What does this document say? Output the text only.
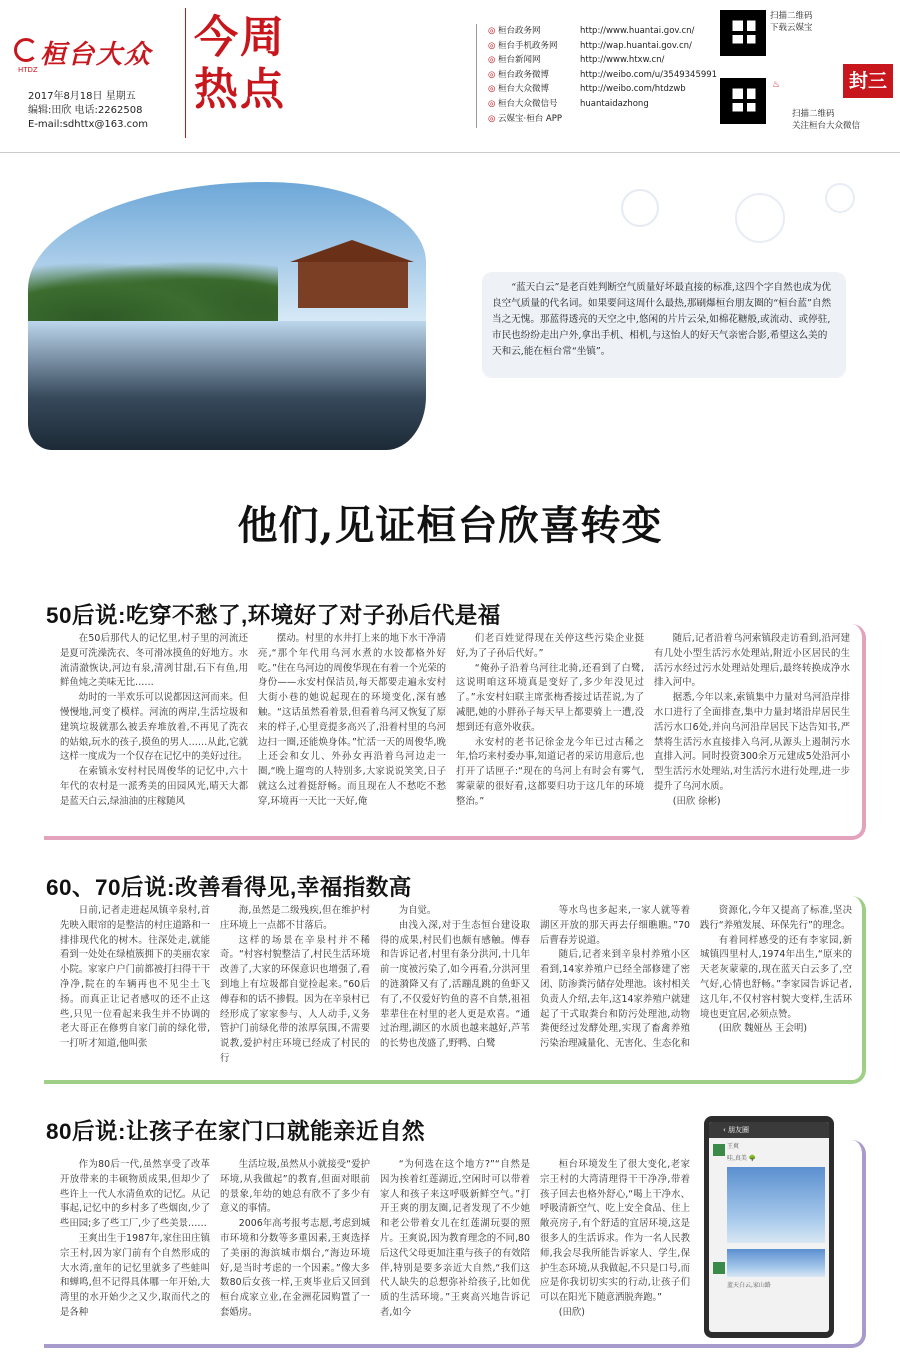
桓台大众
HTDZ
2017年8月18日 星期五
编辑:田欣 电话:2262508
E-mail:sdhttx@163.com
今周
热点
◎ 桓台政务网	http://www.huantai.gov.cn/
◎ 桓台手机政务网	http://wap.huantai.gov.cn/
◎ 桓台新闻网	http://www.htxw.cn/
◎ 桓台政务微博	http://weibo.com/u/3549345991
◎ 桓台大众微博	http://weibo.com/htdzwb
◎ 桓台大众微信号	huantaidazhong
◎ 云媒宝·桓台 APP
扫描二维码
下载云媒宝
扫描二维码
关注桓台大众微信
♨	封三
“蓝天白云”是老百姓判断空气质量好坏最直接的标准,这四个字自然也成为优良空气质量的代名词。如果要问这周什么最热,那刷爆桓台朋友圈的“桓台蓝”自然当之无愧。那蓝得透亮的天空之中,悠闲的片片云朵,如棉花糖般,或流动、或停驻,市民也纷纷走出户外,拿出手机、相机,与这怡人的好天气亲密合影,希望这么美的天和云,能在桓台常“坐镇”。
他们,见证桓台欣喜转变
50后说:吃穿不愁了,环境好了对子孙后代是福

在50后那代人的记忆里,村子里的河流还是夏可洗澡洗衣、冬可滑冰摸鱼的好地方。水流清澈恢诀,河边有泉,清冽甘甜,石下有鱼,用鲜鱼炖之美味无比……

幼时的一半欢乐可以说都因这河而来。但慢慢地,河变了模样。河流的两岸,生活垃圾和建筑垃圾就那么被丢弃堆放着,不再见了洗衣的姑娘,玩水的孩子,摸鱼的男人……从此,它就这样一度成为一个仅存在记忆中的美好过往。

在索镇永安村村民周俊华的记忆中,六十年代的农村是一派秀美的田园风光,晴天大都是蓝天白云,绿油油的庄稼随风

摆动。村里的水井打上来的地下水干净清亮,“那个年代用乌河水煮的水饺都格外好吃。”住在乌河边的周俊华现在有着一个光荣的身份——永安村保洁员,每天都要走遍永安村大街小巷的她说起现在的环境变化,深有感触。“这话虽然看着景,但看着乌河又恢复了原来的样子,心里竟提多高兴了,沿着村里的乌河边扫一圈,还能焕身体。”忙活一天的周俊华,晚上还会和女儿、外孙女再沿着乌河边走一圈,“晚上遛弯的人特别多,大家说说笑笑,日子就这么过着挺舒畅。而且现在人不愁吃不愁穿,环境再一天比一天好,俺

们老百姓觉得现在关停这些污染企业挺好,为了子孙后代好。”

“俺孙子沿着乌河往北骑,还看到了白鹭,这说明咱这环境真是变好了,多少年没见过了。”永安村妇联主席张梅香接过话茬说,为了减肥,她的小胖孙子每天早上都要骑上一遭,没想到还有意外收获。

永安村的老书记徐金龙今年已过古稀之年,恰巧来村委办事,知道记者的采访用意后,也打开了话匣子:“现在的乌河上有时会有雾气,雾蒙蒙的很好看,这都要归功于这几年的环境整治。”

随后,记者沿着乌河索镇段走访看到,沿河建有几处小型生活污水处理站,附近小区居民的生活污水经过污水处理站处理后,最终转换成净水排入河中。

据悉,今年以来,索镇集中力量对乌河沿岸排水口进行了全面排查,集中力量封堵沿岸居民生活污水口6处,并向乌河沿岸居民下达告知书,严禁将生活污水直接排入乌河,从源头上遏制污水直排入河。同时投资300余万元建成5处沿河小型生活污水处理站,对生活污水进行处理,进一步提升了乌河水质。

(田欣 徐彬)

60、70后说:改善看得见,幸福指数高

日前,记者走进起凤镇辛泉村,首先映入眼帘的是整洁的村庄道路和一排排现代化的树木。往深处走,就能看到一处处在绿植簇拥下的美丽农家小院。家家户户门前都被打扫得干干净净,院在的车辆再也不见尘土飞扬。而真正让记者感叹的还不止这些,只见一位看起来我生并不协调的老大哥正在修剪自家门前的绿化带,一打听才知道,他叫张

海,虽然是二级残疾,但在维护村庄环境上一点都不甘落后。

这样的场景在辛泉村并不稀奇。“村容村貌整洁了,村民生活环境改善了,大家的环保意识也增强了,看到地上有垃圾都自觉捡起来。”60后傅春和的话不掺假。因为在辛泉村已经形成了家家参与、人人动手,义务管护门前绿化带的浓厚氛围,不需要说教,爱护村庄环境已经成了村民的行

为自觉。

由浅入深,对于生态恒台建设取得的成果,村民们也颇有感触。傅春和告诉记者,村里有条分洪河,十几年前一度被污染了,如今再看,分洪河里的涟漪降又有了,活蹦乱跳的鱼虾又有了,不仅爱好钓鱼的喜不自禁,祖祖辈辈住在村里的老人更是欢喜。“通过治理,湖区的水质也越来越好,芦苇的长势也茂盛了,野鸭、白鹭

等水鸟也多起来,一家人就等着湖区开放的那天再去仔细瞧瞧。”70后曹春芳说道。

随后,记者来到辛泉村养殖小区看到,14家养殖户已经全部修建了密闭、防渗粪污储存处理池。该村相关负责人介绍,去年,这14家养殖户就建起了干式取粪台和防污处理池,动物粪便经过发酵处理,实现了畜禽养殖污染治理减量化、无害化、生态化和

资源化,今年又提高了标准,坚决践行“养殖发展、环保先行”的理念。

有着同样感受的还有李家园,新城镇四里村人,1974年出生,“原来的天老灰蒙蒙的,现在蓝天白云多了,空气好,心情也舒畅。”李家园告诉记者,这几年,不仅村容村貌大变样,生活环境也更宜居,必须点赞。

(田欣 魏娅丛 王会明)

80后说:让孩子在家门口就能亲近自然

作为80后一代,虽然享受了改革开放带来的丰硕物质成果,但却少了些许上一代人水清鱼欢的记忆。从记事起,记忆中的乡村多了些烟囱,少了些田园;多了些工厂,少了些美景……

王爽出生于1987年,家住田庄镇宗王村,因为家门前有个自然形成的大水湾,童年的记忆里就多了些蛙叫和蝉鸣,但不记得具体哪一年开始,大湾里的水开始少之又少,取而代之的是各种

生活垃圾,虽然从小就接受“爱护环境,从我做起”的教育,但面对眼前的景象,年幼的她总有欣不了多少有意义的事情。

2006年高考报考志愿,考虑到城市环境和分数等多重因素,王爽选择了美丽的海滨城市烟台,“海边环境好,是当时考虑的一个因素。”像大多数80后女孩一样,王爽毕业后又回到桓台成家立业,在金洲花园购置了一套婚房。

“为何选在这个地方?”“自然是因为挨着红莲湖近,空闲时可以带着家人和孩子来这呼吸新鲜空气。”打开王爽的朋友圈,记者发现了不少她和老公带着女儿在红莲湖玩耍的照片。王爽说,因为教育理念的不同,80后这代父母更加注重与孩子的有效陪伴,特别是要多亲近大自然,“我们这代人缺失的总想弥补给孩子,比如优质的生活环境。”王爽高兴地告诉记者,如今

桓台环境发生了很大变化,老家宗王村的大湾清理得干干净净,带着孩子回去也格外舒心,“喝上干净水、呼吸清新空气、吃上安全食品、住上敞亮房子,有个舒适的宜居环境,这是很多人的生活诉求。作为一名人民教师,我会尽我所能告诉家人、学生,保护生态环境,从我做起,不只是口号,而应是你我切切实实的行动,让孩子们可以在阳光下随意洒脱奔跑。”

(田欣)

‹ 朋友圈
王爽
哇,真美 🌳
蓝天白云,家山路
